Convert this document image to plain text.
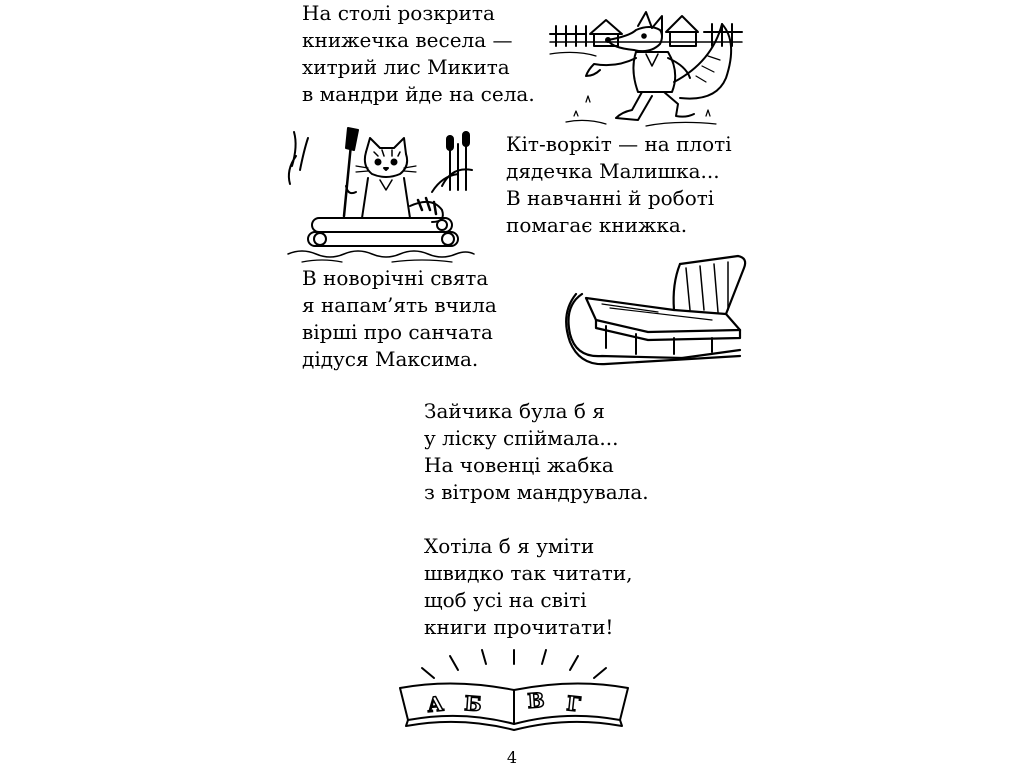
На столі розкрита
книжечка весела —
хитрий лис Микита
в мандри йде на села.
Кіт-воркіт — на плоті
дядечка Малишка...
В навчанні й роботі
помагає книжка.
В новорічні свята
я напам’ять вчила
вірші про санчата
дідуся Максима.
Зайчика була б я
у ліску спіймала...
На човенці жабка
з вітром мандрувала.
Хотіла б я уміти
швидко так читати,
щоб усі на світі
книги прочитати!
А Б В Г
4
